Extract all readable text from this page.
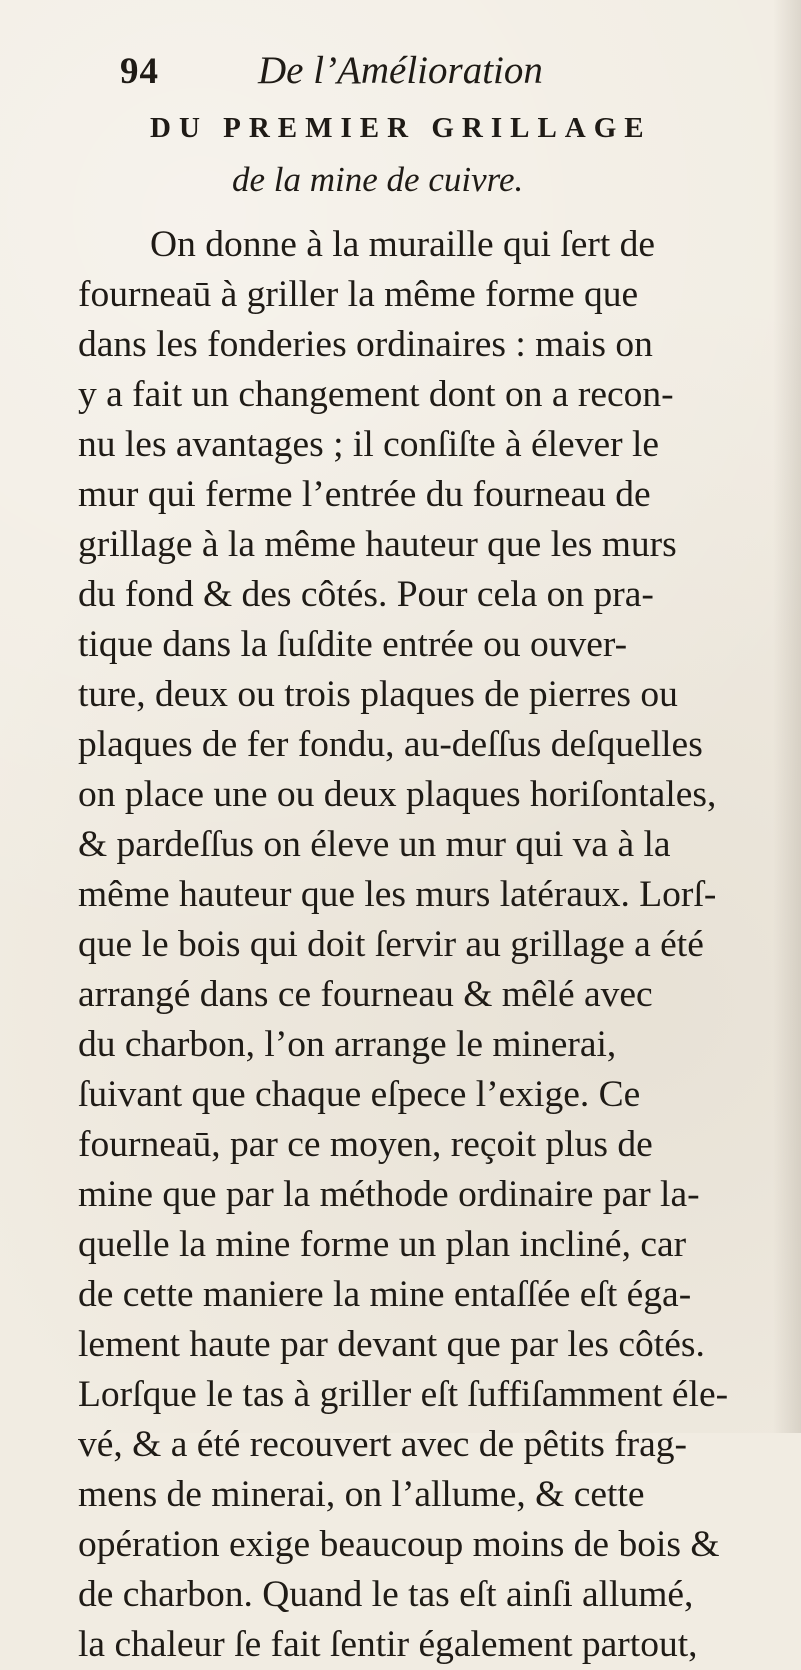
94	De l’Amélioration
DU PREMIER GRILLAGE
de la mine de cuivre.
On donne à la muraille qui ſert de
fourneaū à griller la même forme que
dans les fonderies ordinaires : mais on
y a fait un changement dont on a recon-
nu les avantages ; il conſiſte à élever le
mur qui ferme l’entrée du fourneau de
grillage à la même hauteur que les murs
du fond & des côtés. Pour cela on pra-
tique dans la ſuſdite entrée ou ouver-
ture, deux ou trois plaques de pierres ou
plaques de fer fondu, au-deſſus deſquelles
on place une ou deux plaques horiſontales,
& pardeſſus on éleve un mur qui va à la
même hauteur que les murs latéraux. Lorſ-
que le bois qui doit ſervir au grillage a été
arrangé dans ce fourneau & mêlé avec
du charbon, l’on arrange le minerai,
ſuivant que chaque eſpece l’exige. Ce
fourneaū, par ce moyen, reçoit plus de
mine que par la méthode ordinaire par la-
quelle la mine forme un plan incliné, car
de cette maniere la mine entaſſée eſt éga-
lement haute par devant que par les côtés.
Lorſque le tas à griller eſt ſuffiſamment éle-
vé, & a été recouvert avec de pêtits frag-
mens de minerai, on l’allume, & cette
opération exige beaucoup moins de bois &
de charbon. Quand le tas eſt ainſi allumé,
la chaleur ſe fait ſentir également partout,
